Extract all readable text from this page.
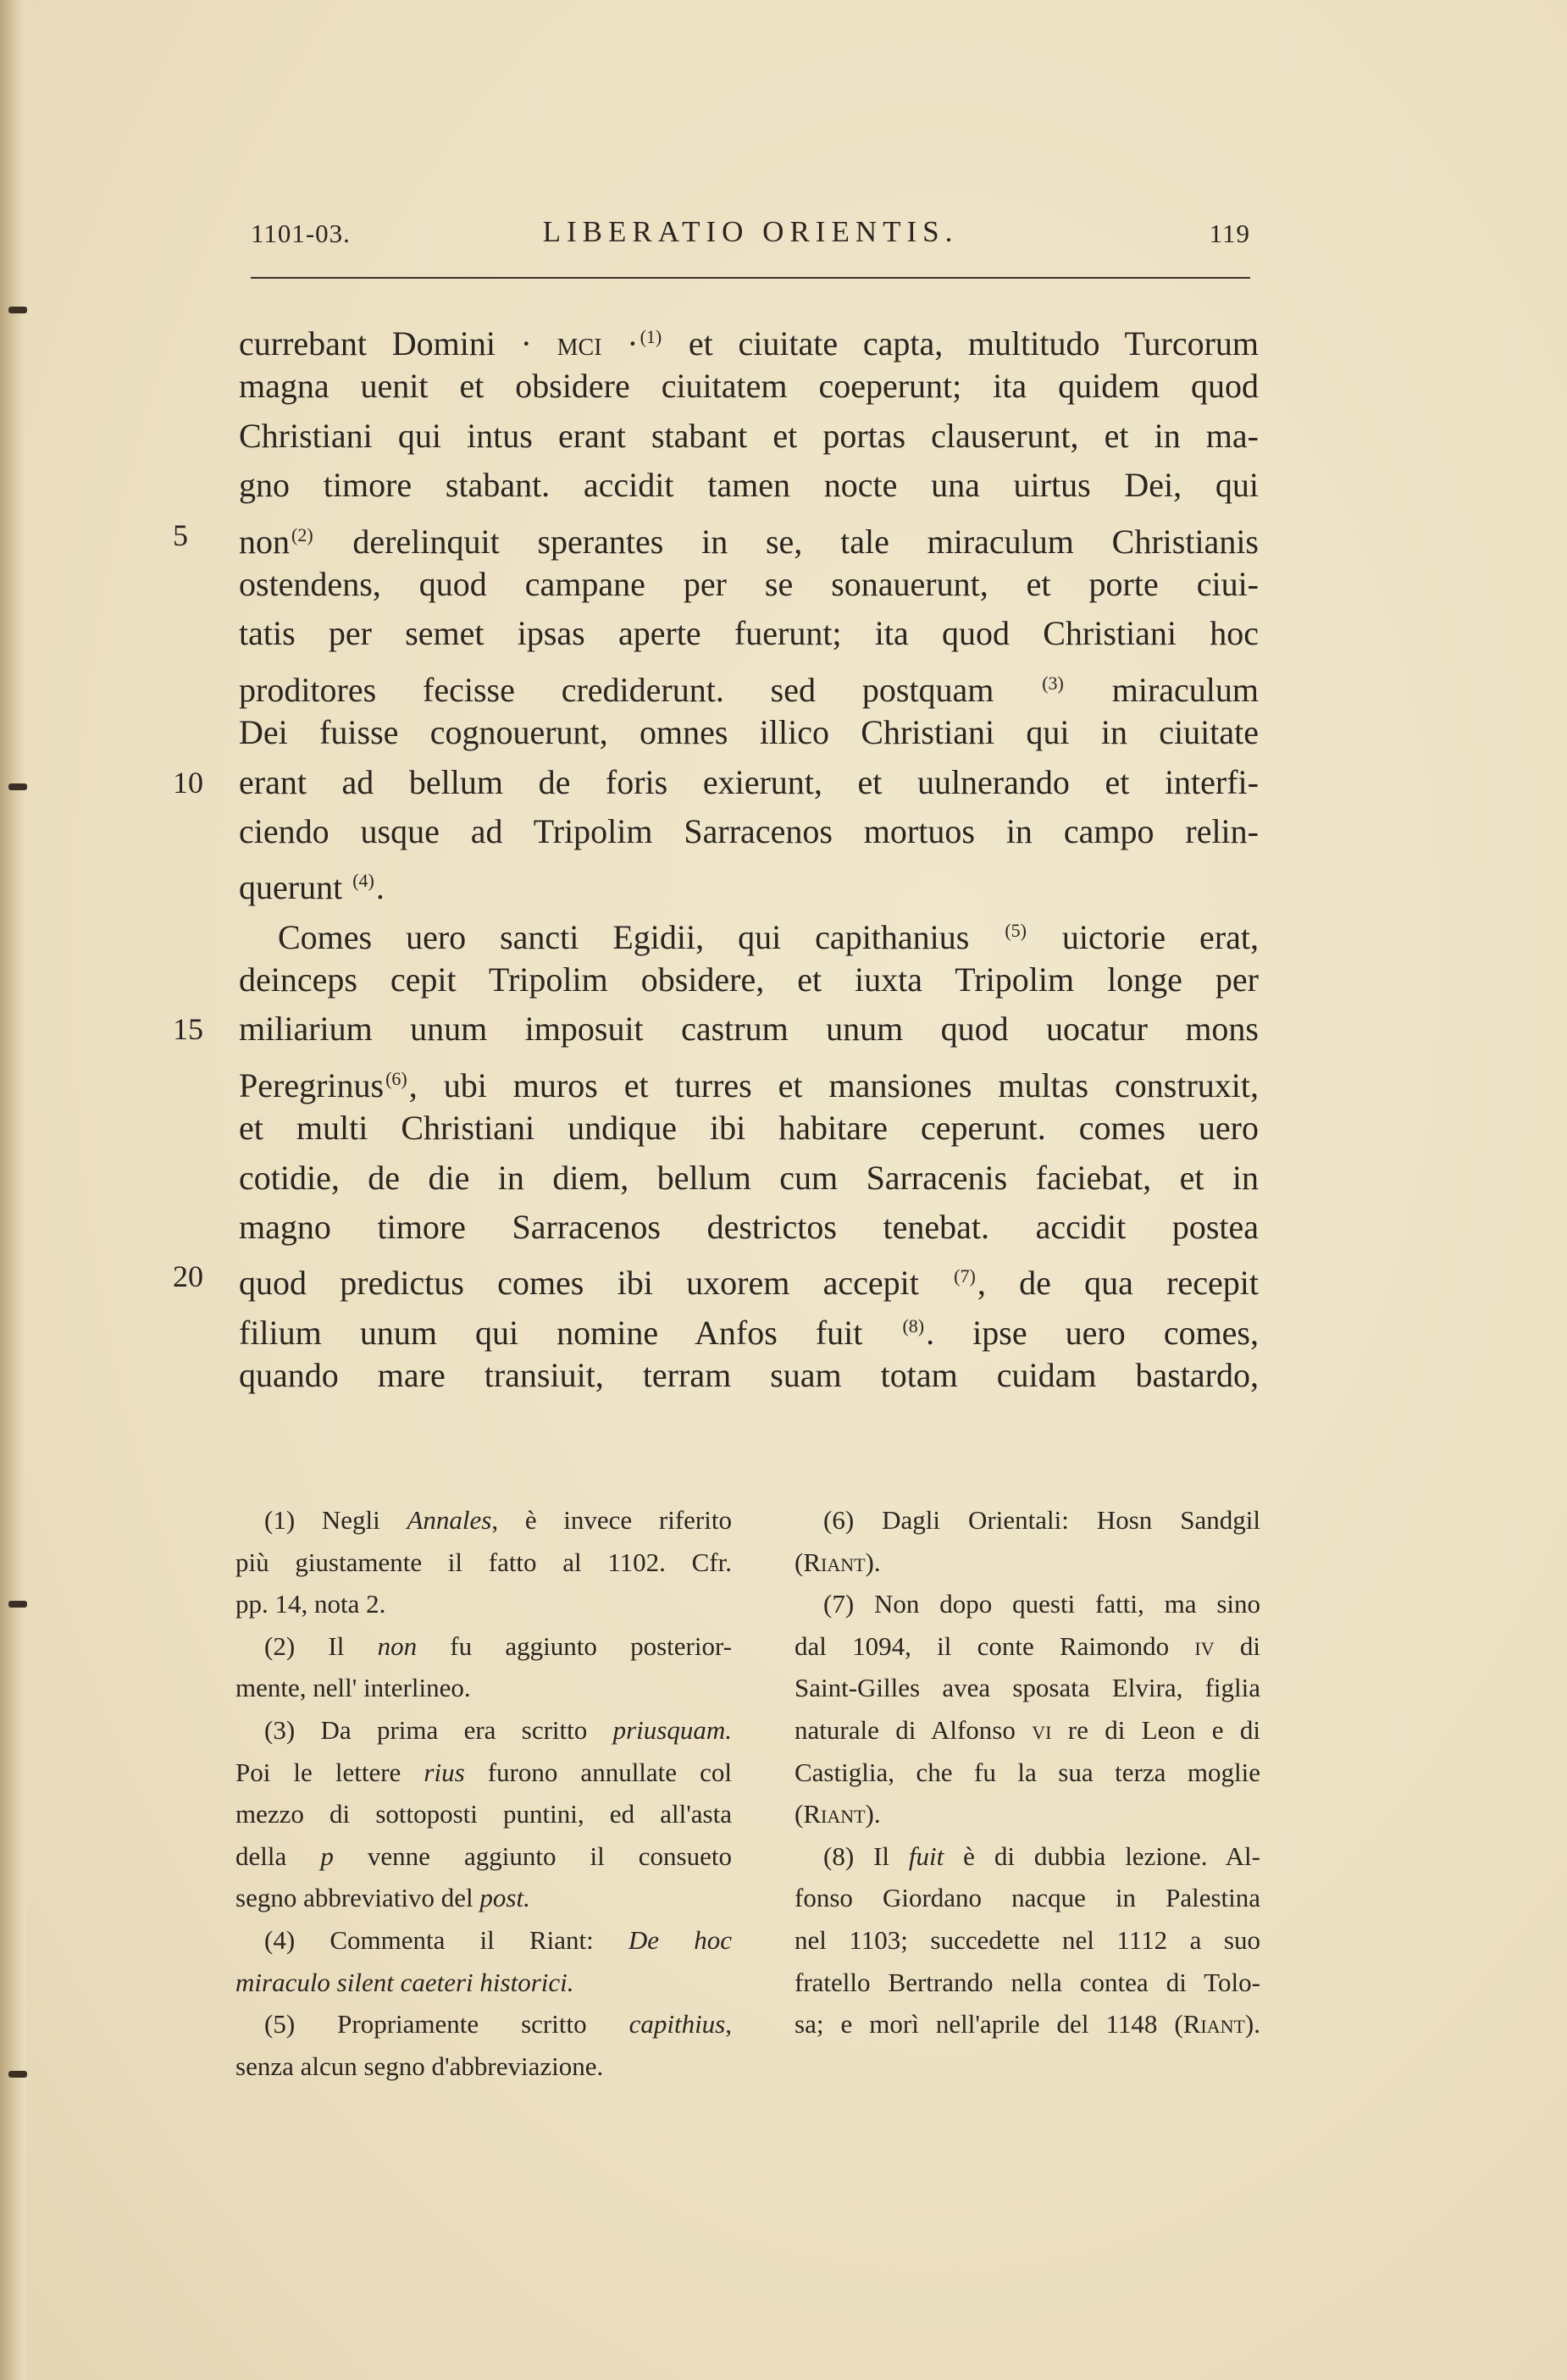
1101-03.	LIBERATIO ORIENTIS.	119
currebant Domini · mci ·$^{(1)}$ et ciuitate capta, multitudo Turcorum
magna uenit et obsidere ciuitatem coeperunt; ita quidem quod
Christiani qui intus erant stabant et portas clauserunt, et in ma-
gno timore stabant. accidit tamen nocte una uirtus Dei, qui
5	non$^{(2)}$ derelinquit sperantes in se, tale miraculum Christianis
ostendens, quod campane per se sonauerunt, et porte ciui-
tatis per semet ipsas aperte fuerunt; ita quod Christiani hoc
proditores fecisse crediderunt. sed postquam $^{(3)}$ miraculum
Dei fuisse cognouerunt, omnes illico Christiani qui in ciuitate
10	erant ad bellum de foris exierunt, et uulnerando et interfi-
ciendo usque ad Tripolim Sarracenos mortuos in campo relin-
querunt $^{(4)}$.
Comes uero sancti Egidii, qui capithanius $^{(5)}$ uictorie erat,
deinceps cepit Tripolim obsidere, et iuxta Tripolim longe per
15	miliarium unum imposuit castrum unum quod uocatur mons
Peregrinus$^{(6)}$, ubi muros et turres et mansiones multas construxit,
et multi Christiani undique ibi habitare ceperunt. comes uero
cotidie, de die in diem, bellum cum Sarracenis faciebat, et in
magno timore Sarracenos destrictos tenebat. accidit postea
20	quod predictus comes ibi uxorem accepit $^{(7)}$, de qua recepit
filium unum qui nomine Anfos fuit $^{(8)}$. ipse uero comes,
quando mare transiuit, terram suam totam cuidam bastardo,
(1) Negli Annales, è invece riferito
più giustamente il fatto al 1102. Cfr.
pp. 14, nota 2.
(2) Il non fu aggiunto posterior-
mente, nell' interlineo.
(3) Da prima era scritto priusquam.
Poi le lettere rius furono annullate col
mezzo di sottoposti puntini, ed all'asta
della p venne aggiunto il consueto
segno abbreviativo del post.
(4) Commenta il Riant: De hoc
miraculo silent caeteri historici.
(5) Propriamente scritto capithius,
senza alcun segno d'abbreviazione.
(6) Dagli Orientali: Hosn Sandgil
(Riant).
(7) Non dopo questi fatti, ma sino
dal 1094, il conte Raimondo iv di
Saint-Gilles avea sposata Elvira, figlia
naturale di Alfonso vi re di Leon e di
Castiglia, che fu la sua terza moglie
(Riant).
(8) Il fuit è di dubbia lezione. Al-
fonso Giordano nacque in Palestina
nel 1103; succedette nel 1112 a suo
fratello Bertrando nella contea di Tolo-
sa; e morì nell'aprile del 1148 (Riant).
